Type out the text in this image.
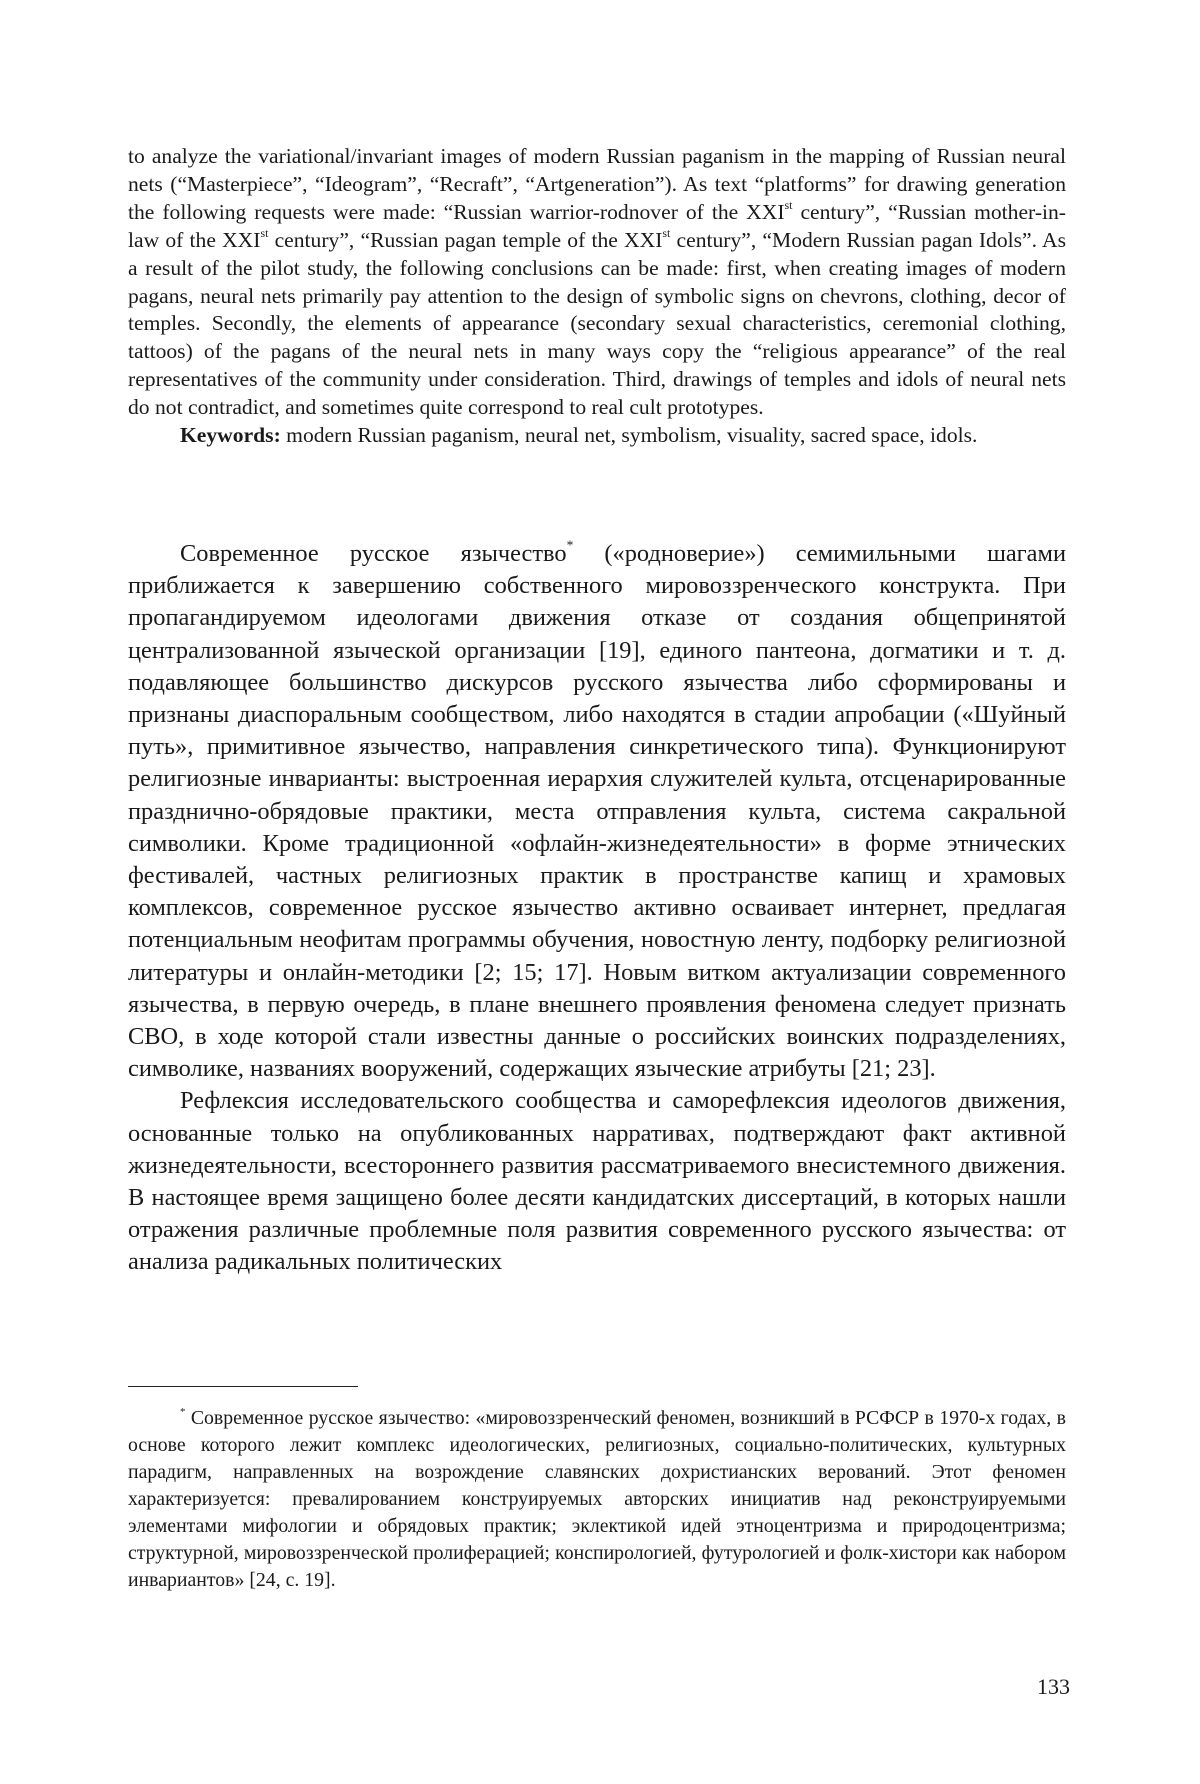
to analyze the variational/invariant images of modern Russian paganism in the mapping of Russian neural nets (“Masterpiece”, “Ideogram”, “Recraft”, “Artgeneration”). As text “platforms” for drawing generation the following requests were made: “Russian warrior-rodnover of the XXIst century”, “Russian mother-in-law of the XXIst century”, “Russian pagan temple of the XXIst century”, “Modern Russian pagan Idols”. As a result of the pilot study, the following conclusions can be made: first, when creating images of modern pagans, neural nets primarily pay attention to the design of symbolic signs on chevrons, clothing, decor of temples. Secondly, the elements of appearance (secondary sexual characteristics, ceremonial clothing, tattoos) of the pagans of the neural nets in many ways copy the “religious appearance” of the real representatives of the community under consideration. Third, drawings of temples and idols of neural nets do not contradict, and sometimes quite correspond to real cult prototypes.

Keywords: modern Russian paganism, neural net, symbolism, visuality, sacred space, idols.

Современное русское язычество* («родноверие») семимильными шагами приближается к завершению собственного мировоззренческого конструкта. При пропагандируемом идеологами движения отказе от создания общепринятой централизованной языческой организации [19], единого пантеона, догматики и т. д. подавляющее большинство дискурсов русского язычества либо сформированы и признаны диаспоральным сообществом, либо находятся в стадии апробации («Шуйный путь», примитивное язычество, направления синкретического типа). Функционируют религиозные инварианты: выстроенная иерархия служителей культа, отсценарированные празднично-обрядовые практики, места отправления культа, система сакральной символики. Кроме традиционной «офлайн-жизнедеятельности» в форме этнических фестивалей, частных религиозных практик в пространстве капищ и храмовых комплексов, современное русское язычество активно осваивает интернет, предлагая потенциальным неофитам программы обучения, новостную ленту, подборку религиозной литературы и онлайн-методики [2; 15; 17]. Новым витком актуализации современного язычества, в первую очередь, в плане внешнего проявления феномена следует признать СВО, в ходе которой стали известны данные о российских воинских подразделениях, символике, названиях вооружений, содержащих языческие атрибуты [21; 23].

Рефлексия исследовательского сообщества и саморефлексия идеологов движения, основанные только на опубликованных нарративах, подтверждают факт активной жизнедеятельности, всестороннего развития рассматриваемого внесистемного движения. В настоящее время защищено более десяти кандидатских диссертаций, в которых нашли отражения различные проблемные поля развития современного русского язычества: от анализа радикальных политических

* Современное русское язычество: «мировоззренческий феномен, возникший в РСФСР в 1970-х годах, в основе которого лежит комплекс идеологических, религиозных, социально-политических, культурных парадигм, направленных на возрождение славянских дохристианских верований. Этот феномен характеризуется: превалированием конструируемых авторских инициатив над реконструируемыми элементами мифологии и обрядовых практик; эклектикой идей этноцентризма и природоцентризма; структурной, мировоззренческой пролиферацией; конспирологией, футурологией и фолк-хистори как набором инвариантов» [24, с. 19].

133
